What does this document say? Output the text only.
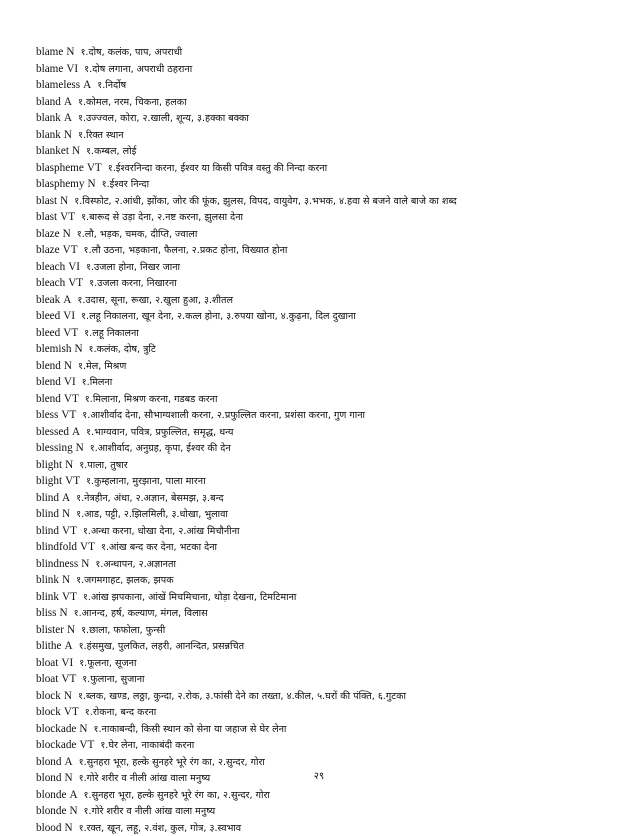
blame N १.दोष, कलंक, पाप, अपराधी
blame VI १.दोष लगाना, अपराधी ठहराना
blameless A १.निर्दोष
bland A १.कोमल, नरम, चिकना, हलका
blank A १.उज्ज्वल, कोरा, २.खाली, शून्य, ३.हक्का बक्का
blank N १.रिक्त स्थान
blanket N १.कम्बल, लोई
blaspheme VT १.ईश्वरनिन्दा करना, ईश्वर या किसी पवित्र वस्तु की निन्दा करना
blasphemy N १.ईश्वर निन्दा
blast N १.विस्फोट, २.आंधी, झोंका, जोर की फूंक, झुलस, विपद, वायुवेग, ३.भभक, ४.हवा से बजने वाले बाजे का शब्द
blast VT १.बारूद से उड़ा देना, २.नष्ट करना, झुलसा देना
blaze N १.लौ, भड़क, चमक, दीप्ति, ज्वाला
blaze VT १.लौ उठना, भड़काना, फैलना, २.प्रकट होना, विख्यात होना
bleach VI १.उजला होना, निखर जाना
bleach VT १.उजला करना, निखारना
bleak A १.उदास, सूना, रूखा, २.खुला हुआ, ३.शीतल
bleed VI १.लहू निकालना, खून देना, २.कत्ल होना, ३.रुपया खोना, ४.कुढ़ना, दिल दुखाना
bleed VT १.लहू निकालना
blemish N १.कलंक, दोष, त्रुटि
blend N १.मेल, मिश्रण
blend VI १.मिलना
blend VT १.मिलाना, मिश्रण करना, गडबड करना
bless VT १.आशीर्वाद देना, सौभाग्यशाली करना, २.प्रफुल्लित करना, प्रशंसा करना, गुण गाना
blessed A १.भाग्यवान, पवित्र, प्रफुल्लित, समृद्ध, धन्य
blessing N १.आशीर्वाद, अनुग्रह, कृपा, ईश्वर की देन
blight N १.पाला, तुषार
blight VT १.कुम्हलाना, मुरझाना, पाला मारना
blind A १.नेत्रहीन, अंधा, २.अज्ञान, बेसमझ, ३.बन्द
blind N १.आड, पट्टी, २.झिलमिली, ३.धोखा, भुलावा
blind VT १.अन्धा करना, धोखा देना, २.आंख मिचौनीना
blindfold VT १.आंख बन्द कर देना, भटका देना
blindness N १.अन्धापन, २.अज्ञानता
blink N १.जगमगाहट, झलक, झपक
blink VT १.आंख झपकाना, आंखें मिचमिचाना, थोड़ा देखना, टिमटिमाना
bliss N १.आनन्द, हर्ष, कल्याण, मंगल, विलास
blister N १.छाला, फफोला, फुन्सी
blithe A १.हंसमुख, पुलकित, लहरी, आनन्दित, प्रसन्नचित
bloat VI १.फूलना, सूजना
bloat VT १.फुलाना, सुजाना
block N १.ब्लक, खण्ड, लठ्ठा, कुन्दा, २.रोक, ३.फांसी देने का तख्ता, ४.कील, ५.घरों की पंक्ति, ६.गुटका
block VT १.रोकना, बन्द करना
blockade N १.नाकाबन्दी, किसी स्थान को सेना या जहाज से घेर लेना
blockade VT १.घेर लेना, नाकाबंदी करना
blond A १.सुनहरा भूरा, हल्के सुनहरे भूरे रंग का, २.सुन्दर, गोरा
blond N १.गोरे शरीर व नीली आंख वाला मनुष्य
blonde A १.सुनहरा भूरा, हल्के सुनहरे भूरे रंग का, २.सुन्दर, गोरा
blonde N १.गोरे शरीर व नीली आंख वाला मनुष्य
blood N १.रक्त, खून, लहू, २.वंश, कुल, गोत्र, ३.स्वभाव
२९
